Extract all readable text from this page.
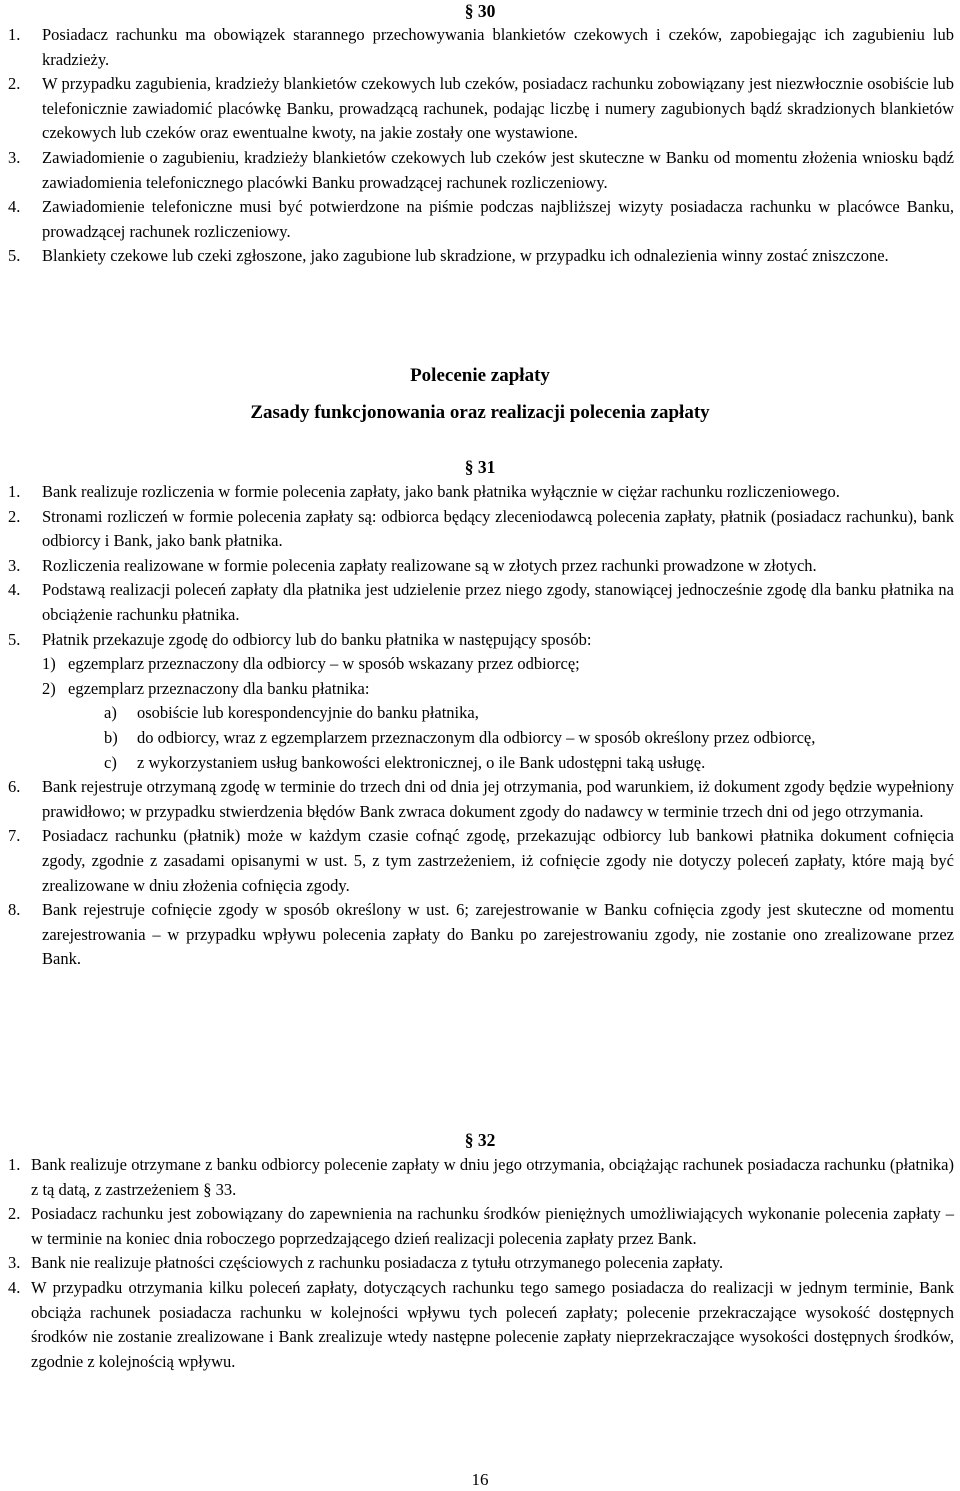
§ 30
1. Posiadacz rachunku ma obowiązek starannego przechowywania blankietów czekowych i czeków, zapobiegając ich zagubieniu lub kradzieży.
2. W przypadku zagubienia, kradzieży blankietów czekowych lub czeków, posiadacz rachunku zobowiązany jest niezwłocznie osobiście lub telefonicznie zawiadomić placówkę Banku, prowadzącą rachunek, podając liczbę i numery zagubionych bądź skradzionych blankietów czekowych lub czeków oraz ewentualne kwoty, na jakie zostały one wystawione.
3. Zawiadomienie o zagubieniu, kradzieży blankietów czekowych lub czeków jest skuteczne w Banku od momentu złożenia wniosku bądź zawiadomienia telefonicznego placówki Banku prowadzącej rachunek rozliczeniowy.
4. Zawiadomienie telefoniczne musi być potwierdzone na piśmie podczas najbliższej wizyty posiadacza rachunku w placówce Banku, prowadzącej rachunek rozliczeniowy.
5. Blankiety czekowe lub czeki zgłoszone, jako zagubione lub skradzione, w przypadku ich odnalezienia winny zostać zniszczone.
Polecenie zapłaty
Zasady funkcjonowania oraz realizacji polecenia zapłaty
§ 31
1. Bank realizuje rozliczenia w formie polecenia zapłaty, jako bank płatnika wyłącznie w ciężar rachunku rozliczeniowego.
2. Stronami rozliczeń w formie polecenia zapłaty są: odbiorca będący zleceniodawcą polecenia zapłaty, płatnik (posiadacz rachunku), bank odbiorcy i Bank, jako bank płatnika.
3. Rozliczenia realizowane w formie polecenia zapłaty realizowane są w złotych przez rachunki prowadzone w złotych.
4. Podstawą realizacji poleceń zapłaty dla płatnika jest udzielenie przez niego zgody, stanowiącej jednocześnie zgodę dla banku płatnika na obciążenie rachunku płatnika.
5. Płatnik przekazuje zgodę do odbiorcy lub do banku płatnika w następujący sposób:
1) egzemplarz przeznaczony dla odbiorcy – w sposób wskazany przez odbiorcę;
2) egzemplarz przeznaczony dla banku płatnika:
a) osobiście lub korespondencyjnie do banku płatnika,
b) do odbiorcy, wraz z egzemplarzem przeznaczonym dla odbiorcy – w sposób określony przez odbiorcę,
c) z wykorzystaniem usług bankowości elektronicznej, o ile Bank udostępni taką usługę.
6. Bank rejestruje otrzymaną zgodę w terminie do trzech dni od dnia jej otrzymania, pod warunkiem, iż dokument zgody będzie wypełniony prawidłowo; w przypadku stwierdzenia błędów Bank zwraca dokument zgody do nadawcy w terminie trzech dni od jego otrzymania.
7. Posiadacz rachunku (płatnik) może w każdym czasie cofnąć zgodę, przekazując odbiorcy lub bankowi płatnika dokument cofnięcia zgody, zgodnie z zasadami opisanymi w ust. 5, z tym zastrzeżeniem, iż cofnięcie zgody nie dotyczy poleceń zapłaty, które mają być zrealizowane w dniu złożenia cofnięcia zgody.
8. Bank rejestruje cofnięcie zgody w sposób określony w ust. 6; zarejestrowanie w Banku cofnięcia zgody jest skuteczne od momentu zarejestrowania – w przypadku wpływu polecenia zapłaty do Banku po zarejestrowaniu zgody, nie zostanie ono zrealizowane przez Bank.
§ 32
1. Bank realizuje otrzymane z banku odbiorcy polecenie zapłaty w dniu jego otrzymania, obciążając rachunek posiadacza rachunku (płatnika) z tą datą, z zastrzeżeniem § 33.
2. Posiadacz rachunku jest zobowiązany do zapewnienia na rachunku środków pieniężnych umożliwiających wykonanie polecenia zapłaty – w terminie na koniec dnia roboczego poprzedzającego dzień realizacji polecenia zapłaty przez Bank.
3. Bank nie realizuje płatności częściowych z rachunku posiadacza z tytułu otrzymanego polecenia zapłaty.
4. W przypadku otrzymania kilku poleceń zapłaty, dotyczących rachunku tego samego posiadacza do realizacji w jednym terminie, Bank obciąża rachunek posiadacza rachunku w kolejności wpływu tych poleceń zapłaty; polecenie przekraczające wysokość dostępnych środków nie zostanie zrealizowane i Bank zrealizuje wtedy następne polecenie zapłaty nieprzekraczające wysokości dostępnych środków, zgodnie z kolejnością wpływu.
16
